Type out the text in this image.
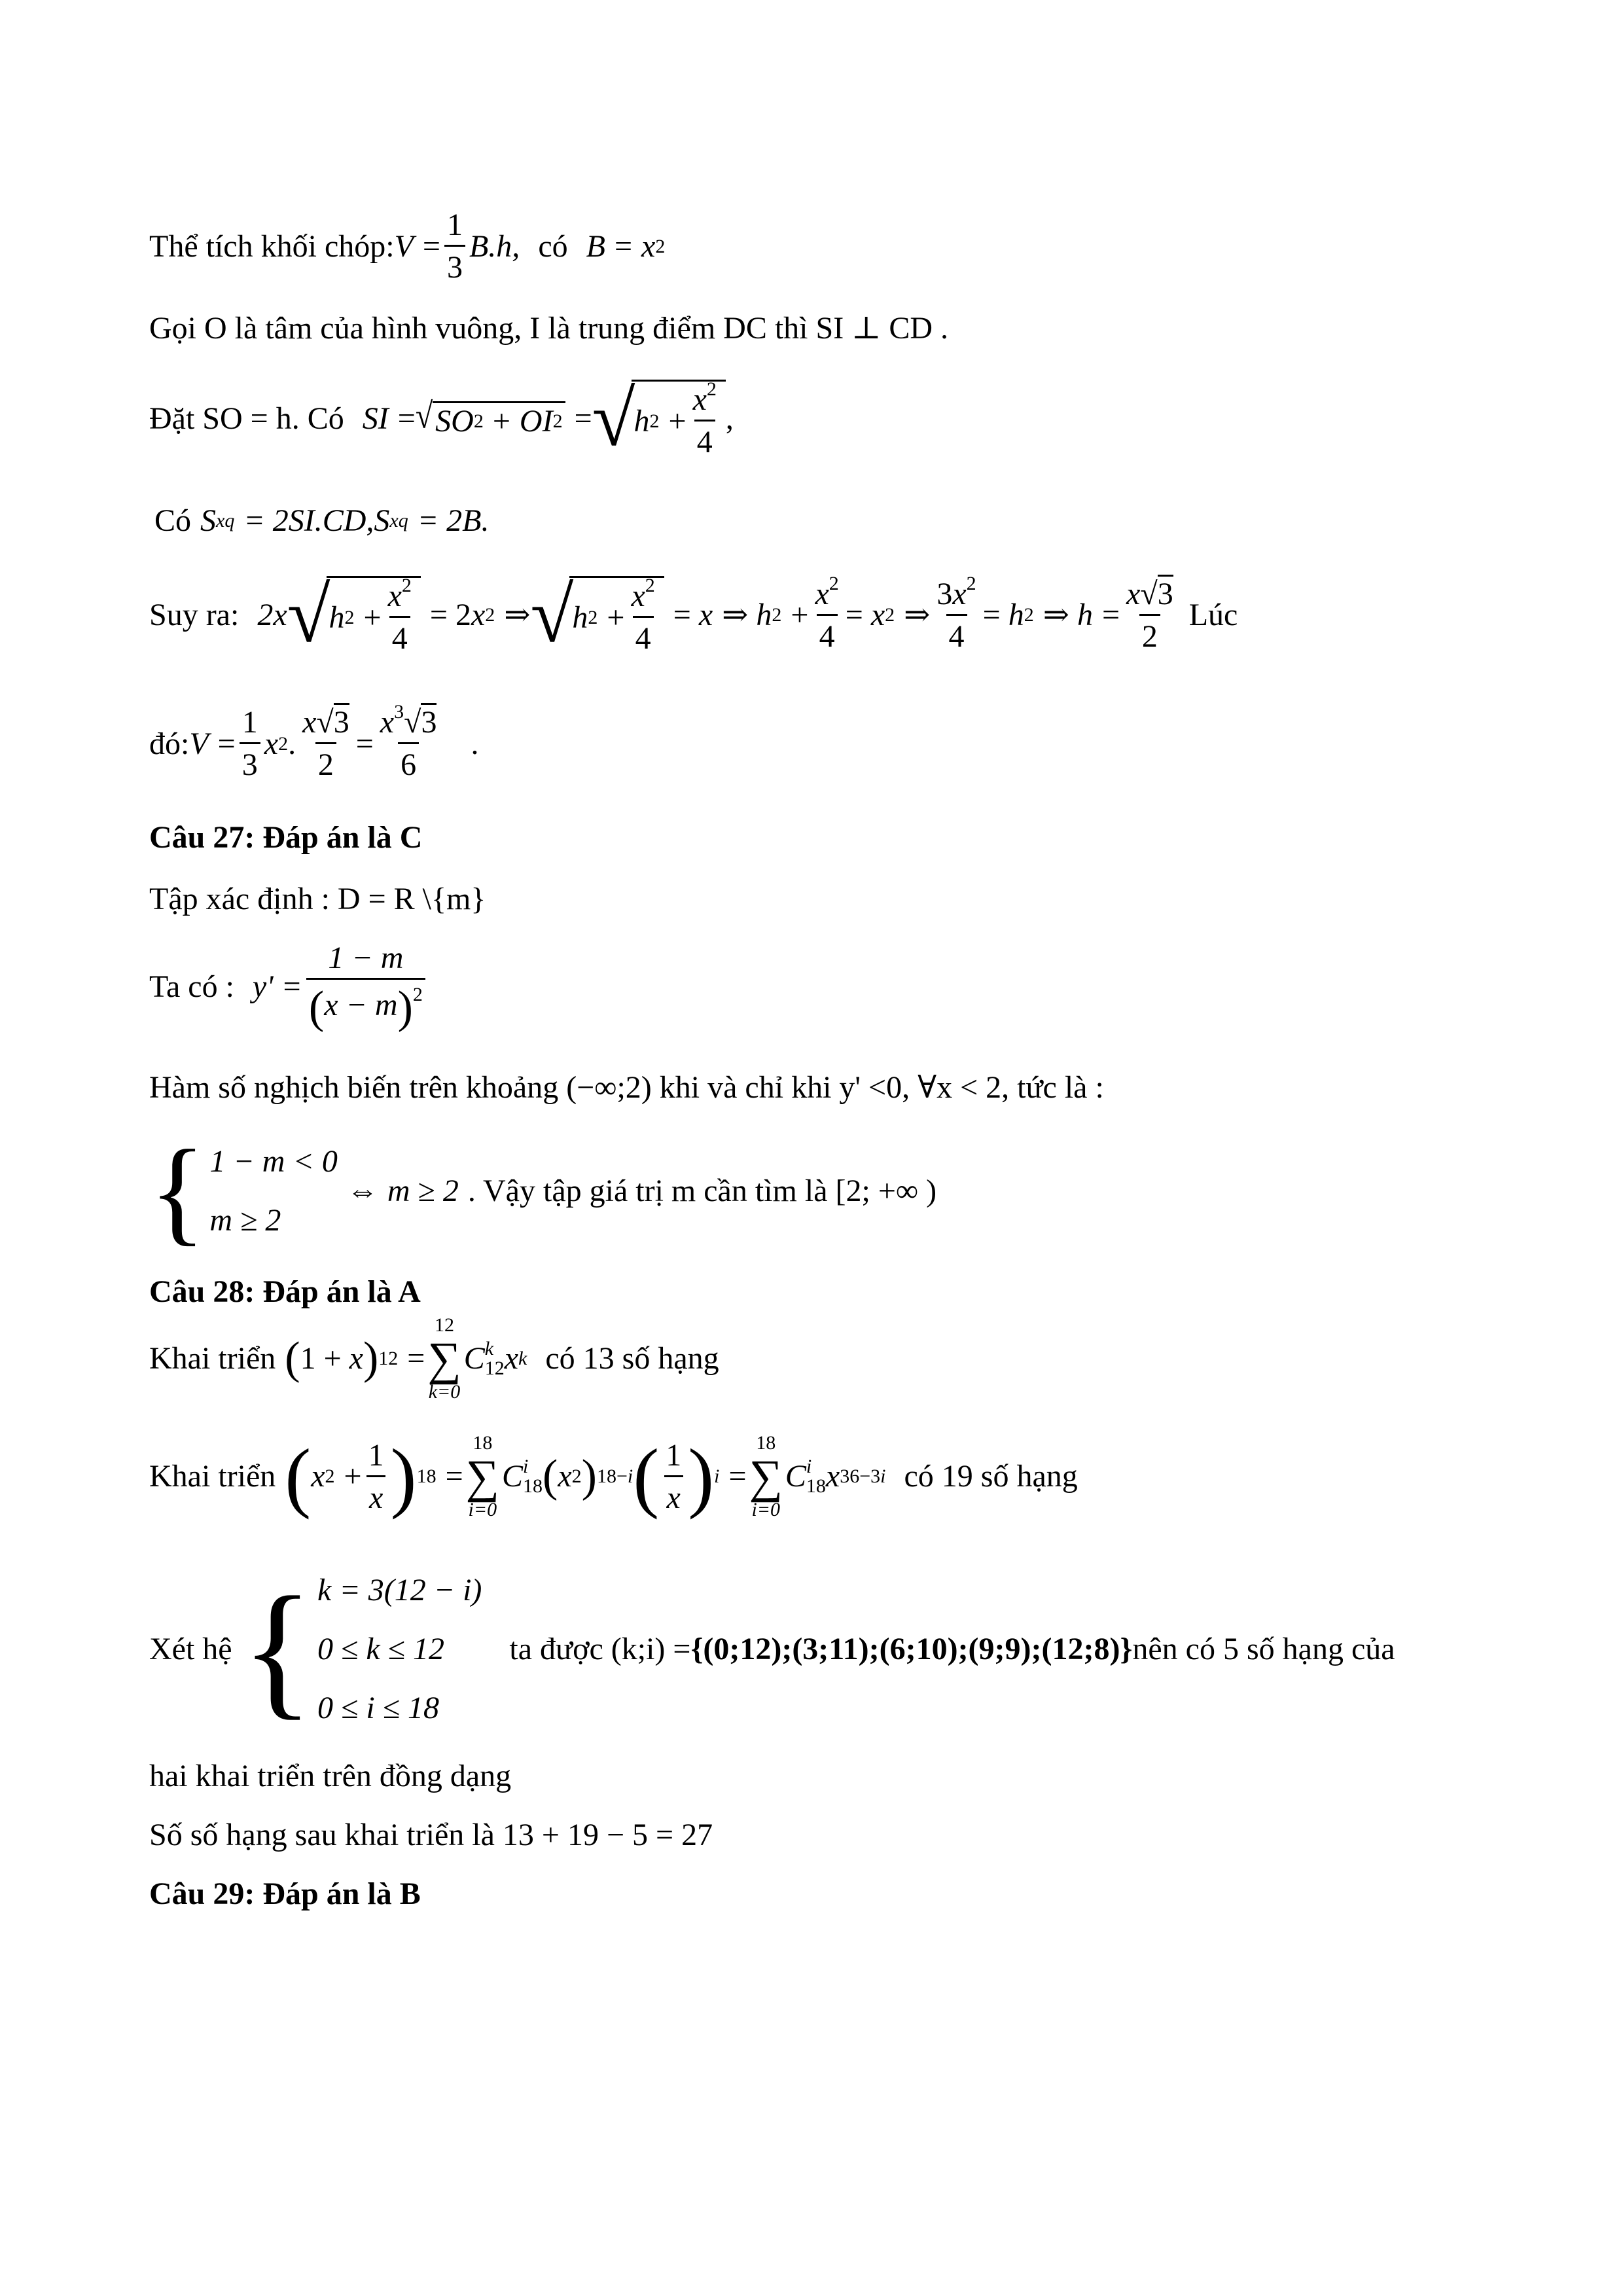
Thể tích khối chóp: $V = \frac{1}{3} B.h$, có B = x 2
Gọi O là tâm của hình vuông, I là trung điểm DC thì SI ⊥ CD .
Đặt SO = h. Có SI = √ SO 2 + OI 2 = √
h $2 + \frac{x^2}{4}$ ,
Có S xq = 2SI.CD, S xq = 2B.
Suy ra: 2x √
h $2 + \frac{x^2}{4} = 2$ x 2 ⇒ √
h $2 + \frac{x^2}{4} = x$ ⇒ h $2 + \frac{x^2}{4} = x$ 2 ⇒ $\frac{3x^2}{4} = h$ 2 ⇒ $h = \frac{x√3}{2}$ Lúc
đó: $V = \frac{1}{3}$ x 2 . $\frac{x√3}{2} = \frac{x^3√3}{6}$ .
Câu 27: Đáp án là C
Tập xác định : D = R \{m}
Ta có : $y' = \frac{1 - m}{(x - m)^2}$
Hàm số nghịch biến trên khoảng (−∞;2) khi và chỉ khi y' <0, ∀x < 2, tức là :
{ 1 − m < 0
m ≥ 2
⇔ m ≥ 2 . Vậy tập giá trị m cần tìm là [2; +∞ )
Câu 28: Đáp án là A
Khai triển ( 1 + x ) 12 =
12
∑
k=0
C k
12 x k có 13 số hạng
Khai triển ( x $2 + \frac{1}{x}$ ) 18 =
18
∑
i=0
C i
18 ( x 2 ) 18−i ( $\frac{1}{x}$ ) i =
18
∑
i=0
C i
18 x 36−3i có 19 số hạng
Xét hệ { k = 3(12 − i)
0 ≤ k ≤ 12
0 ≤ i ≤ 18
ta được (k;i) = {(0;12);(3;11);(6;10);(9;9);(12;8)} nên có 5 số hạng của
hai khai triển trên đồng dạng
Số số hạng sau khai triển là 13 + 19 − 5 = 27
Câu 29: Đáp án là B
